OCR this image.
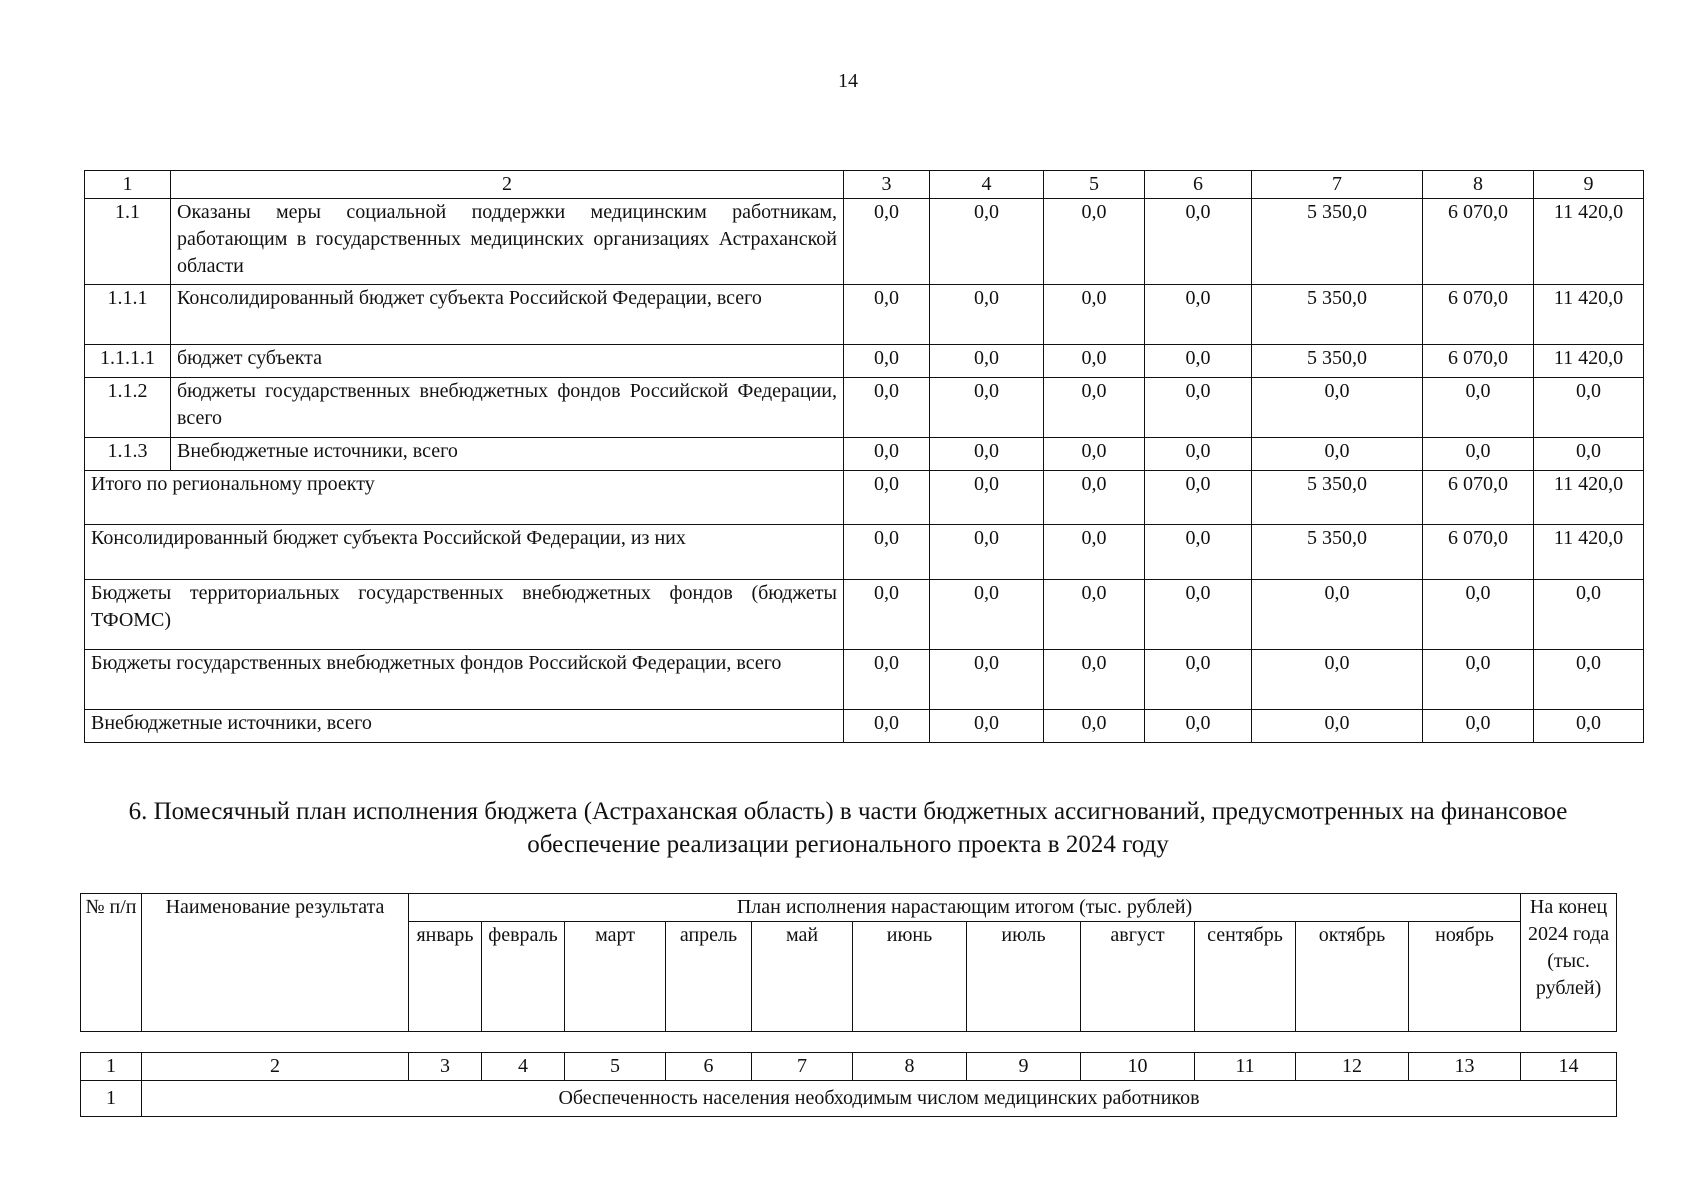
14
1	2	3	4	5	6	7	8	9
1.1	Оказаны меры социальной поддержки медицинским работникам, работающим в государственных медицинских организациях Астраханской области	0,0	0,0	0,0	0,0	5 350,0	6 070,0	11 420,0
1.1.1	Консолидированный бюджет субъекта Российской Федерации, всего	0,0	0,0	0,0	0,0	5 350,0	6 070,0	11 420,0
1.1.1.1	бюджет субъекта	0,0	0,0	0,0	0,0	5 350,0	6 070,0	11 420,0
1.1.2	бюджеты государственных внебюджетных фондов Российской Федерации, всего	0,0	0,0	0,0	0,0	0,0	0,0	0,0
1.1.3	Внебюджетные источники, всего	0,0	0,0	0,0	0,0	0,0	0,0	0,0
Итого по региональному проекту		0,0	0,0	0,0	0,0	5 350,0	6 070,0	11 420,0
Консолидированный бюджет субъекта Российской Федерации, из них		0,0	0,0	0,0	0,0	5 350,0	6 070,0	11 420,0
Бюджеты территориальных государственных внебюджетных фондов (бюджеты ТФОМС)		0,0	0,0	0,0	0,0	0,0	0,0	0,0
Бюджеты государственных внебюджетных фондов Российской Федерации, всего		0,0	0,0	0,0	0,0	0,0	0,0	0,0
Внебюджетные источники, всего		0,0	0,0	0,0	0,0	0,0	0,0	0,0
6. Помесячный план исполнения бюджета (Астраханская область) в части бюджетных ассигнований, предусмотренных на финансовое обеспечение реализации регионального проекта в 2024 году
№ п/п	Наименование результата	План исполнения нарастающим итогом (тыс. рублей)											На конец 2024 года (тыс. рублей)
		январь	февраль	март	апрель	май	июнь	июль	август	сентябрь	октябрь	ноябрь	
1	2	3	4	5	6	7	8	9	10	11	12	13	14
1	Обеспеченность населения необходимым числом медицинских работников												
